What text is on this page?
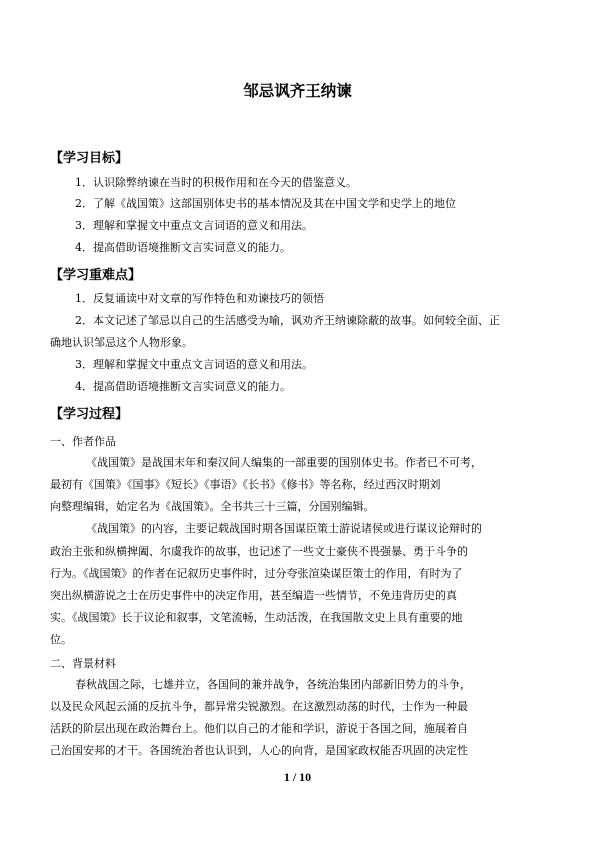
邹忌讽齐王纳谏
【学习目标】
1．认识除弊纳谏在当时的积极作用和在今天的借鉴意义。
2．了解《战国策》这部国别体史书的基本情况及其在中国文学和史学上的地位
3．理解和掌握文中重点文言词语的意义和用法。
4．提高借助语境推断文言实词意义的能力。
【学习重难点】
1．反复诵读中对文章的写作特色和劝谏技巧的领悟
2．本文记述了邹忌以自己的生活感受为喻，讽劝齐王纳谏除蔽的故事。如何较全面、正
确地认识邹忌这个人物形象。
3．理解和掌握文中重点文言词语的意义和用法。
4．提高借助语境推断文言实词意义的能力。
【学习过程】
一、作者作品
《战国策》是战国末年和秦汉间人编集的一部重要的国别体史书。作者已不可考，
最初有《国策》《国事》《短长》《事语》《长书》《修书》等名称，经过西汉时期刘
向整理编辑，始定名为《战国策》。全书共三十三篇，分国别编辑。
《战国策》的内容，主要记载战国时期各国谋臣策士游说诸侯或进行谋议论辩时的
政治主张和纵横捭阖、尔虞我诈的故事，也记述了一些文士豪侠不畏强暴、勇于斗争的
行为。《战国策》的作者在记叙历史事件时，过分夸张渲染谋臣策士的作用，有时为了
突出纵横游说之士在历史事件中的决定作用，甚至编造一些情节，不免违背历史的真
实。《战国策》长于议论和叙事，文笔流畅，生动活泼，在我国散文史上具有重要的地
位。
二、背景材料
春秋战国之际，七雄并立，各国间的兼并战争，各统治集团内部新旧势力的斗争，
以及民众风起云涌的反抗斗争，都异常尖锐激烈。在这激烈动荡的时代，士作为一种最
活跃的阶层出现在政治舞台上。他们以自己的才能和学识，游说于各国之间，施展着自
己治国安邦的才干。各国统治者也认识到，人心的向背，是国家政权能否巩固的决定性
1 / 10
